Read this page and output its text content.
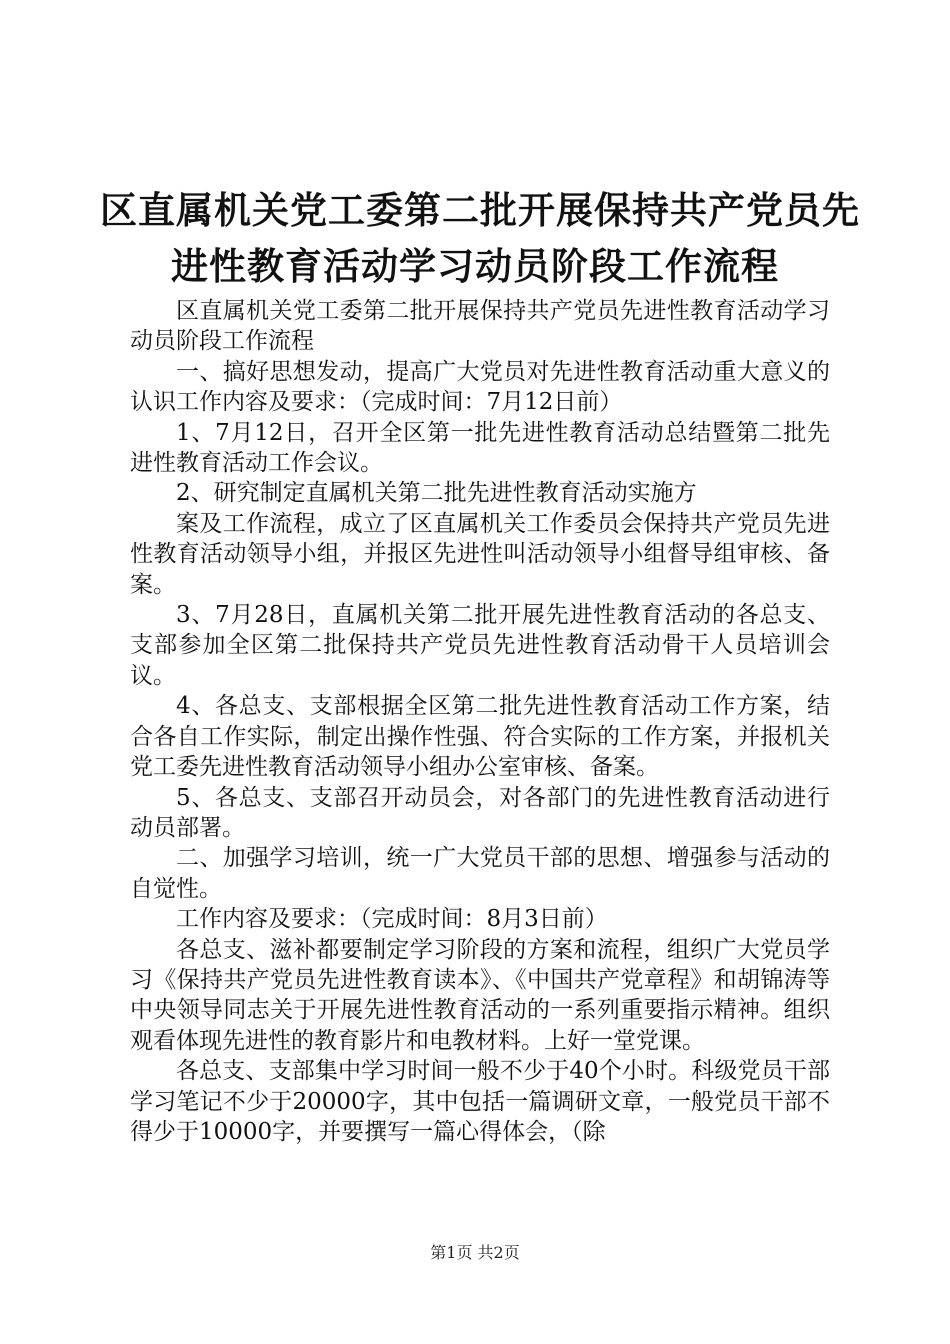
区直属机关党工委第二批开展保持共产党员先
进性教育活动学习动员阶段工作流程

区直属机关党工委第二批开展保持共产党员先进性教育活动学习动员阶段工作流程

一、搞好思想发动，提高广大党员对先进性教育活动重大意义的认识工作内容及要求：（完成时间：7月12日前）

1、7月12日，召开全区第一批先进性教育活动总结暨第二批先进性教育活动工作会议。

2、研究制定直属机关第二批先进性教育活动实施方

案及工作流程，成立了区直属机关工作委员会保持共产党员先进性教育活动领导小组，并报区先进性叫活动领导小组督导组审核、备案。

3、7月28日，直属机关第二批开展先进性教育活动的各总支、支部参加全区第二批保持共产党员先进性教育活动骨干人员培训会议。

4、各总支、支部根据全区第二批先进性教育活动工作方案，结合各自工作实际，制定出操作性强、符合实际的工作方案，并报机关党工委先进性教育活动领导小组办公室审核、备案。

5、各总支、支部召开动员会，对各部门的先进性教育活动进行动员部署。

二、加强学习培训，统一广大党员干部的思想、增强参与活动的自觉性。

工作内容及要求：（完成时间：8月3日前）

各总支、滋补都要制定学习阶段的方案和流程，组织广大党员学习《保持共产党员先进性教育读本》、《中国共产党章程》和胡锦涛等中央领导同志关于开展先进性教育活动的一系列重要指示精神。组织观看体现先进性的教育影片和电教材料。上好一堂党课。

各总支、支部集中学习时间一般不少于40个小时。科级党员干部学习笔记不少于20000字，其中包括一篇调研文章，一般党员干部不得少于10000字，并要撰写一篇心得体会，（除

第1页 共2页
